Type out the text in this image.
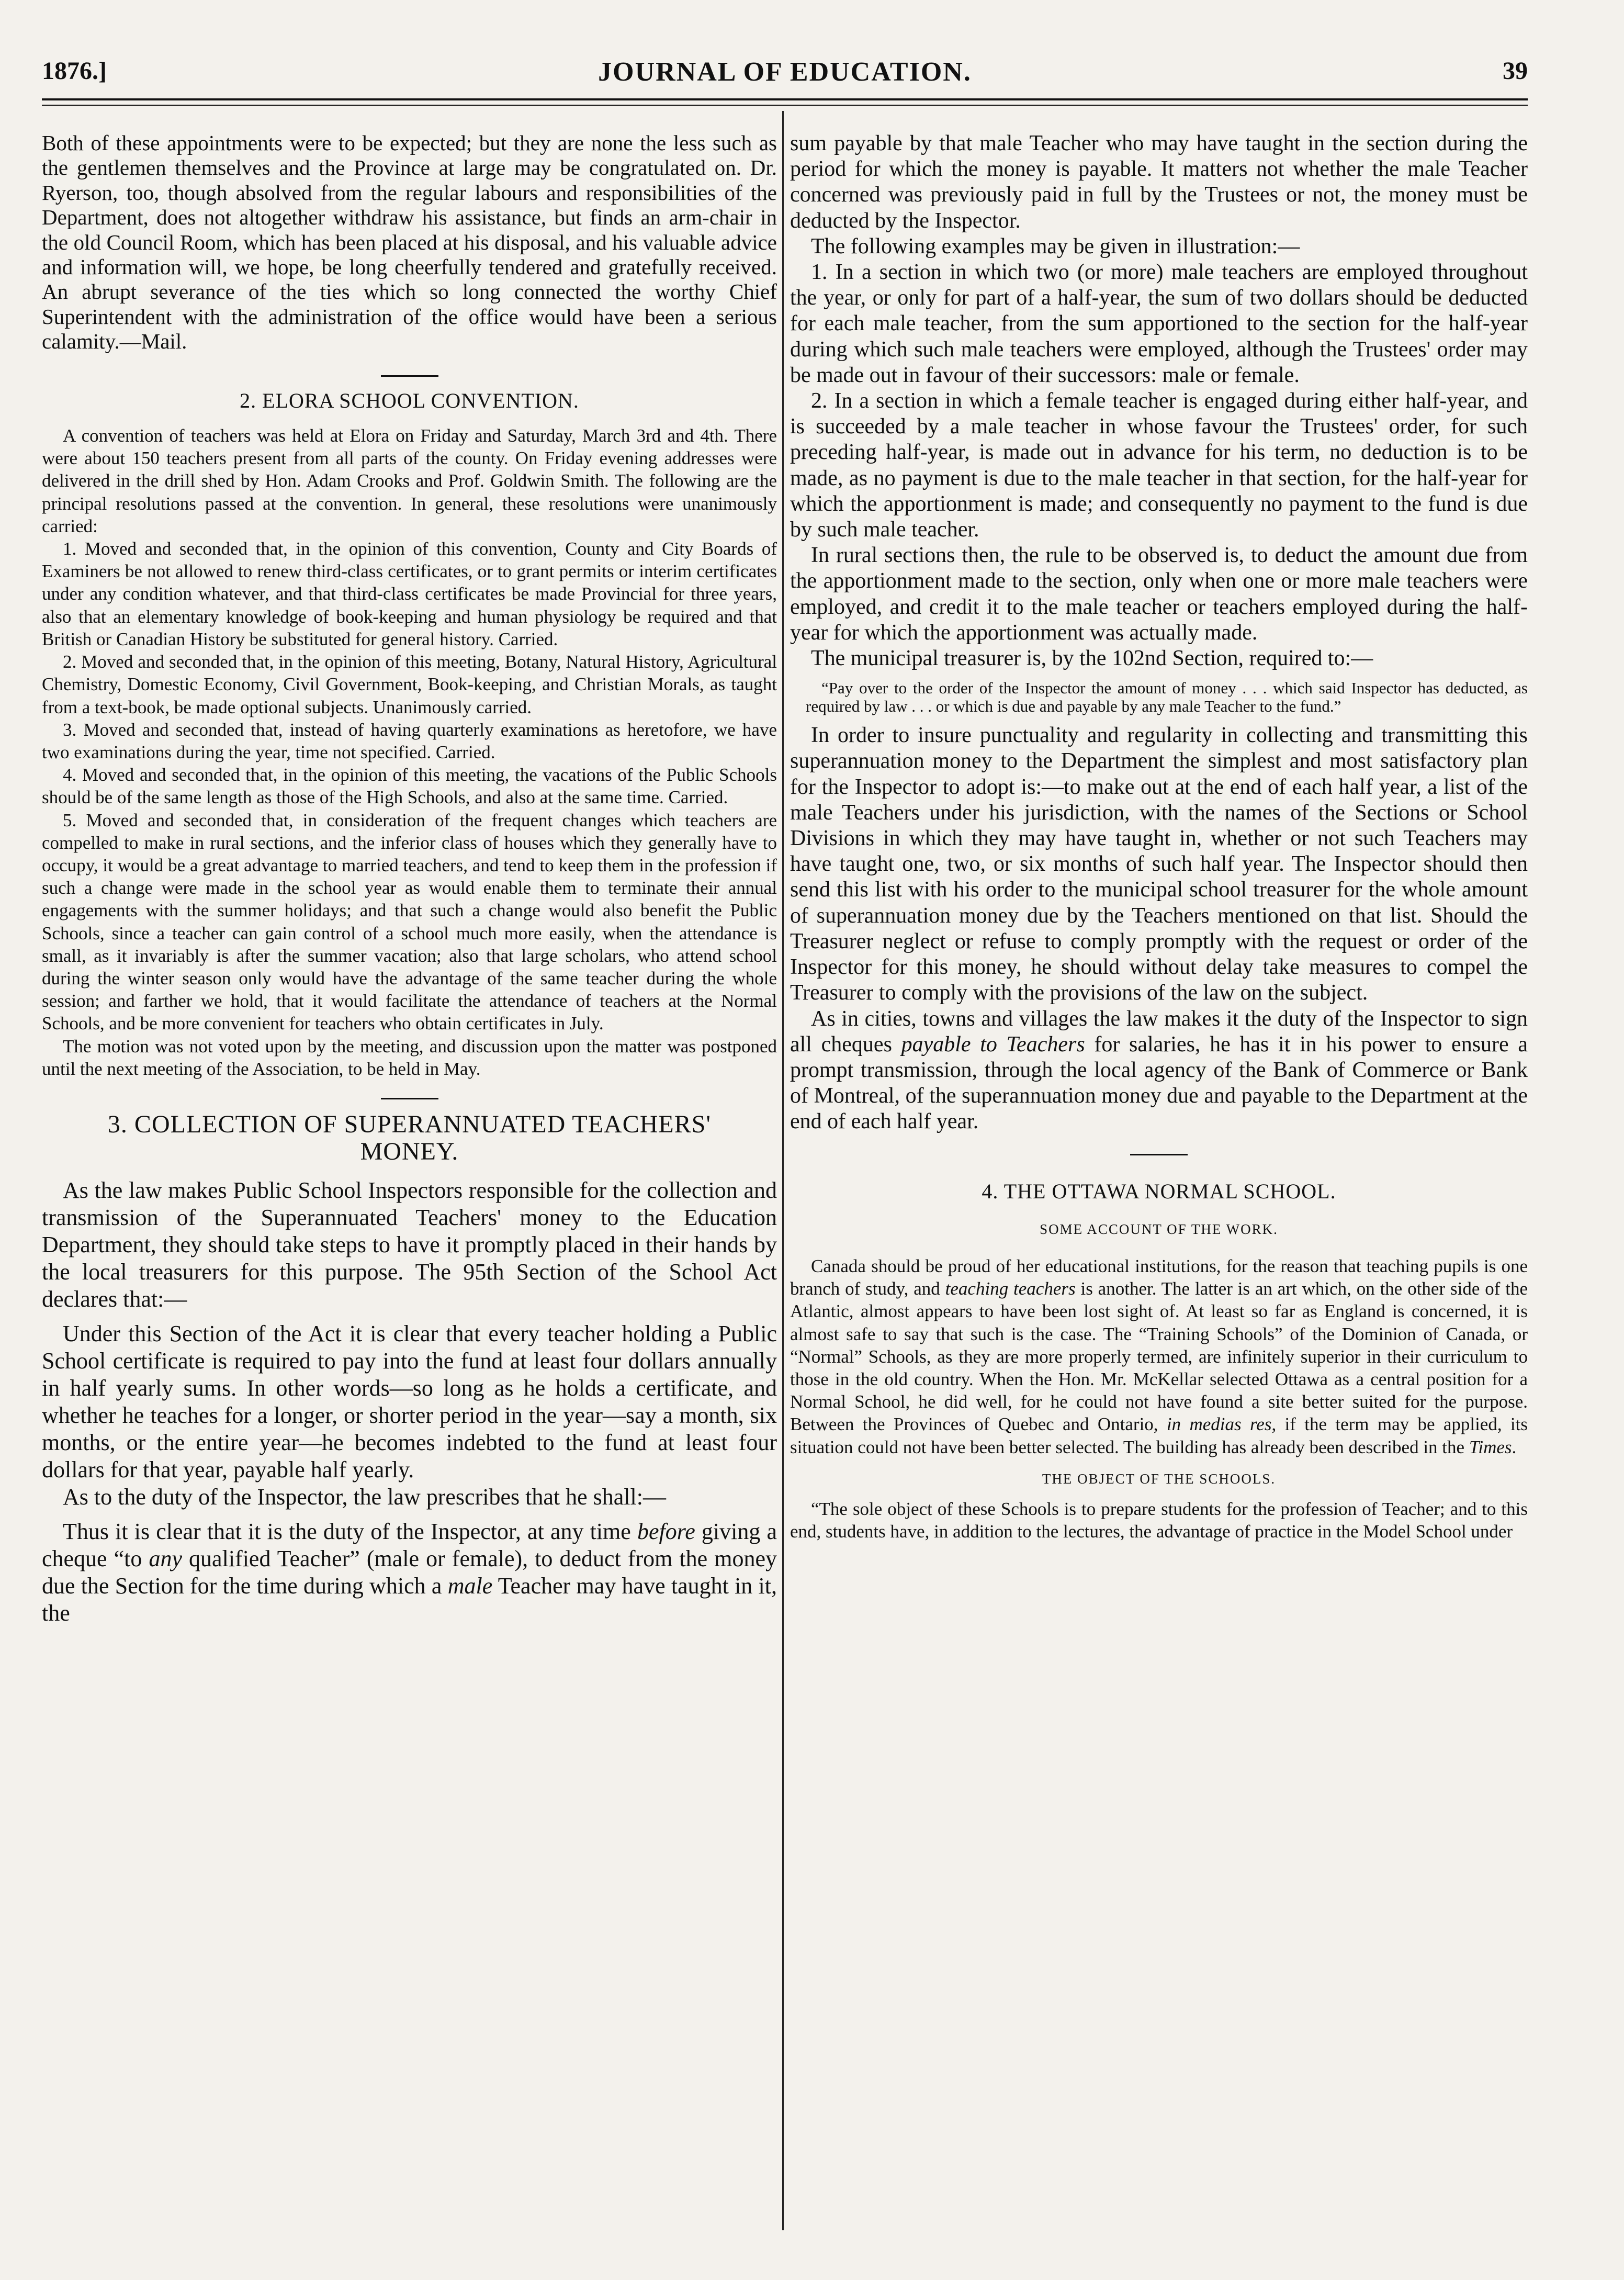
1876.]	JOURNAL OF EDUCATION.	39

Both of these appointments were to be expected; but they are none the less such as the gentlemen themselves and the Province at large may be congratulated on. Dr. Ryerson, too, though absolved from the regular labours and responsibilities of the Department, does not altogether withdraw his assistance, but finds an arm-chair in the old Council Room, which has been placed at his disposal, and his valuable advice and information will, we hope, be long cheerfully tendered and gratefully received. An abrupt severance of the ties which so long connected the worthy Chief Superintendent with the administration of the office would have been a serious calamity.—Mail.

2. ELORA SCHOOL CONVENTION.

A convention of teachers was held at Elora on Friday and Saturday, March 3rd and 4th. There were about 150 teachers present from all parts of the county. On Friday evening addresses were delivered in the drill shed by Hon. Adam Crooks and Prof. Goldwin Smith. The following are the principal resolutions passed at the convention. In general, these resolutions were unanimously carried:

1. Moved and seconded that, in the opinion of this convention, County and City Boards of Examiners be not allowed to renew third-class certificates, or to grant permits or interim certificates under any condition whatever, and that third-class certificates be made Provincial for three years, also that an elementary knowledge of book-keeping and human physiology be required and that British or Canadian History be substituted for general history. Carried.

2. Moved and seconded that, in the opinion of this meeting, Botany, Natural History, Agricultural Chemistry, Domestic Economy, Civil Government, Book-keeping, and Christian Morals, as taught from a text-book, be made optional subjects. Unanimously carried.

3. Moved and seconded that, instead of having quarterly examinations as heretofore, we have two examinations during the year, time not specified. Carried.

4. Moved and seconded that, in the opinion of this meeting, the vacations of the Public Schools should be of the same length as those of the High Schools, and also at the same time. Carried.

5. Moved and seconded that, in consideration of the frequent changes which teachers are compelled to make in rural sections, and the inferior class of houses which they generally have to occupy, it would be a great advantage to married teachers, and tend to keep them in the profession if such a change were made in the school year as would enable them to terminate their annual engagements with the summer holidays; and that such a change would also benefit the Public Schools, since a teacher can gain control of a school much more easily, when the attendance is small, as it invariably is after the summer vacation; also that large scholars, who attend school during the winter season only would have the advantage of the same teacher during the whole session; and farther we hold, that it would facilitate the attendance of teachers at the Normal Schools, and be more convenient for teachers who obtain certificates in July.

The motion was not voted upon by the meeting, and discussion upon the matter was postponed until the next meeting of the Association, to be held in May.

3. COLLECTION OF SUPERANNUATED TEACHERS'
MONEY.

As the law makes Public School Inspectors responsible for the collection and transmission of the Superannuated Teachers' money to the Education Department, they should take steps to have it promptly placed in their hands by the local treasurers for this purpose. The 95th Section of the School Act declares that:—

Under this Section of the Act it is clear that every teacher holding a Public School certificate is required to pay into the fund at least four dollars annually in half yearly sums. In other words—so long as he holds a certificate, and whether he teaches for a longer, or shorter period in the year—say a month, six months, or the entire year—he becomes indebted to the fund at least four dollars for that year, payable half yearly.

As to the duty of the Inspector, the law prescribes that he shall:—

Thus it is clear that it is the duty of the Inspector, at any time before giving a cheque “to any qualified Teacher” (male or female), to deduct from the money due the Section for the time during which a male Teacher may have taught in it, the

sum payable by that male Teacher who may have taught in the section during the period for which the money is payable. It matters not whether the male Teacher concerned was previously paid in full by the Trustees or not, the money must be deducted by the Inspector.

The following examples may be given in illustration:—

1. In a section in which two (or more) male teachers are employed throughout the year, or only for part of a half-year, the sum of two dollars should be deducted for each male teacher, from the sum apportioned to the section for the half-year during which such male teachers were employed, although the Trustees' order may be made out in favour of their successors: male or female.

2. In a section in which a female teacher is engaged during either half-year, and is succeeded by a male teacher in whose favour the Trustees' order, for such preceding half-year, is made out in advance for his term, no deduction is to be made, as no payment is due to the male teacher in that section, for the half-year for which the apportionment is made; and consequently no payment to the fund is due by such male teacher.

In rural sections then, the rule to be observed is, to deduct the amount due from the apportionment made to the section, only when one or more male teachers were employed, and credit it to the male teacher or teachers employed during the half-year for which the apportionment was actually made.

The municipal treasurer is, by the 102nd Section, required to:—

“Pay over to the order of the Inspector the amount of money . . . which said Inspector has deducted, as required by law . . . or which is due and payable by any male Teacher to the fund.”

In order to insure punctuality and regularity in collecting and transmitting this superannuation money to the Department the simplest and most satisfactory plan for the Inspector to adopt is:—to make out at the end of each half year, a list of the male Teachers under his jurisdiction, with the names of the Sections or School Divisions in which they may have taught in, whether or not such Teachers may have taught one, two, or six months of such half year. The Inspector should then send this list with his order to the municipal school treasurer for the whole amount of superannuation money due by the Teachers mentioned on that list. Should the Treasurer neglect or refuse to comply promptly with the request or order of the Inspector for this money, he should without delay take measures to compel the Treasurer to comply with the provisions of the law on the subject.

As in cities, towns and villages the law makes it the duty of the Inspector to sign all cheques payable to Teachers for salaries, he has it in his power to ensure a prompt transmission, through the local agency of the Bank of Commerce or Bank of Montreal, of the superannuation money due and payable to the Department at the end of each half year.

4. THE OTTAWA NORMAL SCHOOL.

SOME ACCOUNT OF THE WORK.

Canada should be proud of her educational institutions, for the reason that teaching pupils is one branch of study, and teaching teachers is another. The latter is an art which, on the other side of the Atlantic, almost appears to have been lost sight of. At least so far as England is concerned, it is almost safe to say that such is the case. The “Training Schools” of the Dominion of Canada, or “Normal” Schools, as they are more properly termed, are infinitely superior in their curriculum to those in the old country. When the Hon. Mr. McKellar selected Ottawa as a central position for a Normal School, he did well, for he could not have found a site better suited for the purpose. Between the Provinces of Quebec and Ontario, in medias res, if the term may be applied, its situation could not have been better selected. The building has already been described in the Times.

THE OBJECT OF THE SCHOOLS.

“The sole object of these Schools is to prepare students for the profession of Teacher; and to this end, students have, in addition to the lectures, the advantage of practice in the Model School under
